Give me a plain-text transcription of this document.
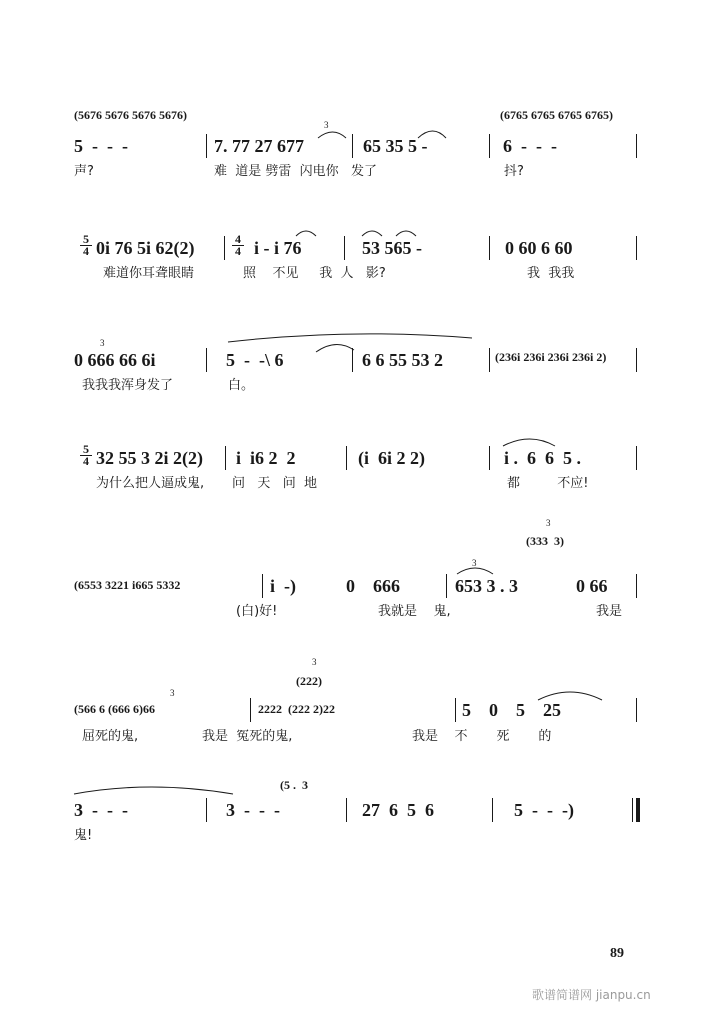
(5676 5676 5676 5676)	(6765 6765 6765 6765)
5  -  -  -	7. 77 27 677	65 35 5 -	6  -  -  -
声?	难  道是 劈雷  闪电你   发了	抖?
0i 76 5i 62(2)	i - i 76	53 565 -	0 60 6 60
难道你耳聋眼睛	照    不见     我  人   影?	我  我我
5
4
4
4
0 666 66 6i	5  -  -\ 6	6 6 55 53 2	(236i 236i 236i 236i 2)
我我我浑身发了	白。
32 55 3 2i 2(2) i  i6 2  2	(i  6i 2 2)	i .  6  6  5 .
为什么把人逼成鬼, 问   天   问  地	都         不应!
5
4
(333  3)
(6553 3221 i665 5332	i  -)	0    666	653 3 . 3	0 66
(白)好!	我就是    鬼,	我是
(222)
(566 6 (666 6)66	2222  (222 2)22	5    0    5    25
屈死的鬼,	我是  冤死的鬼,	我是    不       死       的
(5 .  3
3  -  -  -	3  -  -  -	27  6  5  6	5  -  -  -)
鬼!
3
3
3
3
3
3
89
歌谱简谱网 jianpu.cn
